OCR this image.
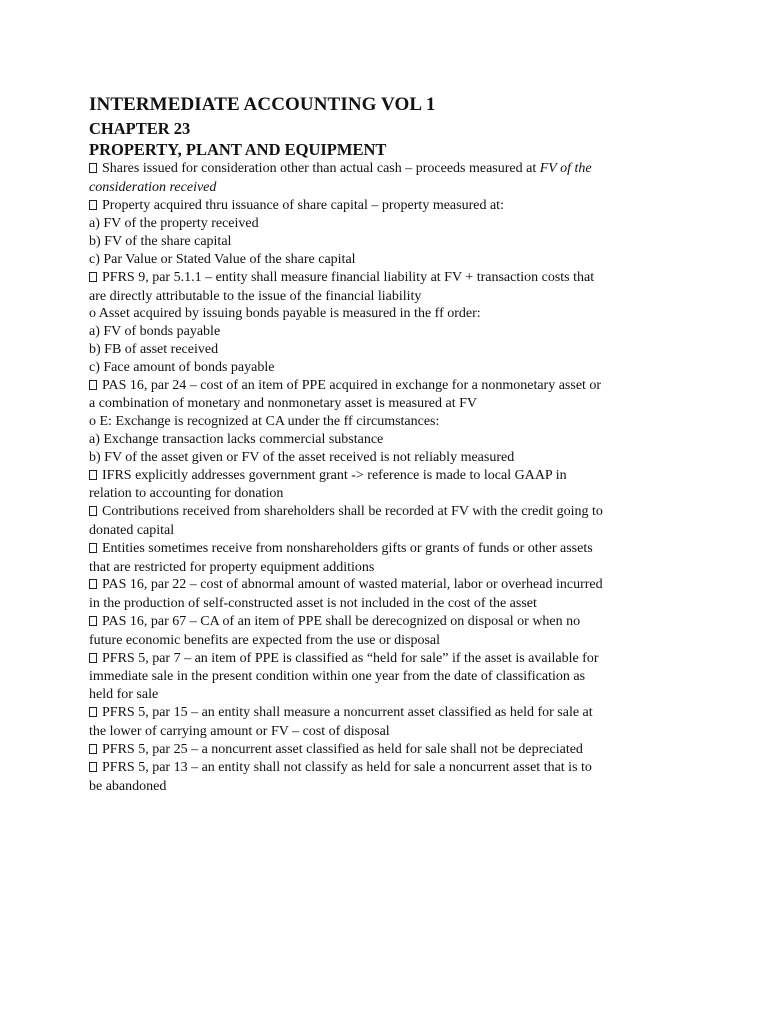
INTERMEDIATE ACCOUNTING VOL 1
CHAPTER 23
PROPERTY, PLANT AND EQUIPMENT
Shares issued for consideration other than actual cash – proceeds measured at FV of the
consideration received
Property acquired thru issuance of share capital – property measured at:
a) FV of the property received
b) FV of the share capital
c) Par Value or Stated Value of the share capital
PFRS 9, par 5.1.1 – entity shall measure financial liability at FV + transaction costs that
are directly attributable to the issue of the financial liability
o Asset acquired by issuing bonds payable is measured in the ff order:
a) FV of bonds payable
b) FB of asset received
c) Face amount of bonds payable
PAS 16, par 24 – cost of an item of PPE acquired in exchange for a nonmonetary asset or
a combination of monetary and nonmonetary asset is measured at FV
o E: Exchange is recognized at CA under the ff circumstances:
a) Exchange transaction lacks commercial substance
b) FV of the asset given or FV of the asset received is not reliably measured
IFRS explicitly addresses government grant -> reference is made to local GAAP in
relation to accounting for donation
Contributions received from shareholders shall be recorded at FV with the credit going to
donated capital
Entities sometimes receive from nonshareholders gifts or grants of funds or other assets
that are restricted for property equipment additions
PAS 16, par 22 – cost of abnormal amount of wasted material, labor or overhead incurred
in the production of self-constructed asset is not included in the cost of the asset
PAS 16, par 67 – CA of an item of PPE shall be derecognized on disposal or when no
future economic benefits are expected from the use or disposal
PFRS 5, par 7 – an item of PPE is classified as “held for sale” if the asset is available for
immediate sale in the present condition within one year from the date of classification as
held for sale
PFRS 5, par 15 – an entity shall measure a noncurrent asset classified as held for sale at
the lower of carrying amount or FV – cost of disposal
PFRS 5, par 25 – a noncurrent asset classified as held for sale shall not be depreciated
PFRS 5, par 13 – an entity shall not classify as held for sale a noncurrent asset that is to
be abandoned
